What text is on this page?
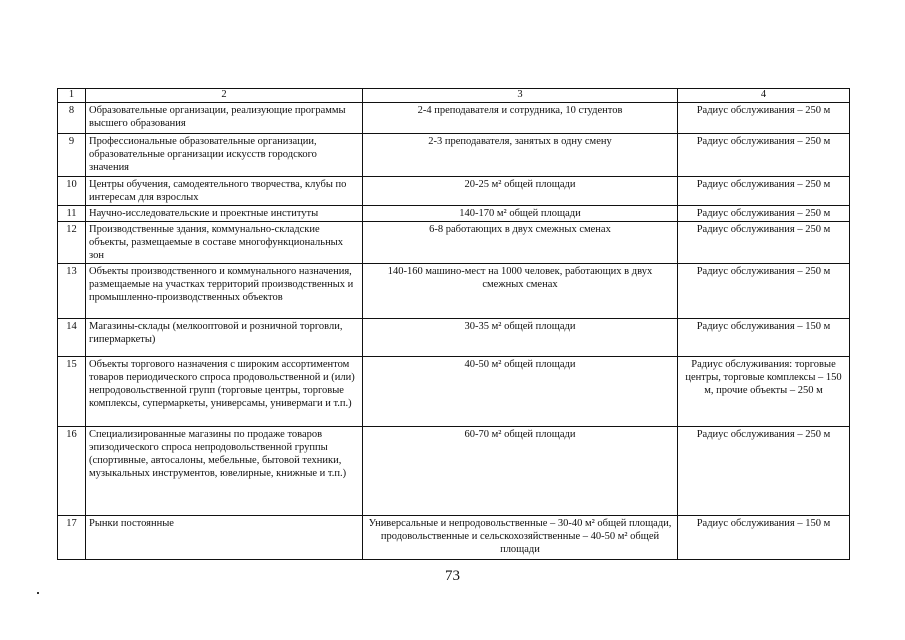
1	2	3	4
8	Образовательные организации, реализующие программы высшего образования	2-4 преподавателя и сотрудника, 10 студентов	Радиус обслуживания – 250 м
9	Профессиональные образовательные организации, образовательные организации искусств городского значения	2-3 преподавателя, занятых в одну смену	Радиус обслуживания – 250 м
10	Центры обучения, самодеятельного творчества, клубы по интересам для взрослых	20-25 м² общей площади	Радиус обслуживания – 250 м
11	Научно-исследовательские и проектные институты	140-170 м² общей площади	Радиус обслуживания – 250 м
12	Производственные здания, коммунально-складские объекты, размещаемые в составе многофункциональных зон	6-8 работающих в двух смежных сменах	Радиус обслуживания – 250 м
13	Объекты производственного и коммунального назначения, размещаемые на участках территорий производственных и промышленно-производственных объектов	140-160 машино-мест на 1000 человек, работающих в двух смежных сменах	Радиус обслуживания – 250 м
14	Магазины-склады (мелкооптовой и розничной торговли, гипермаркеты)	30-35 м² общей площади	Радиус обслуживания – 150 м
15	Объекты торгового назначения с широким ассортиментом товаров периодического спроса продовольственной и (или) непродовольственной групп (торговые центры, торговые комплексы, супермаркеты, универсамы, универмаги и т.п.)	40-50 м² общей площади	Радиус обслуживания: торговые центры, торговые комплексы – 150 м, прочие объекты – 250 м
16	Специализированные магазины по продаже товаров эпизодического спроса непродовольственной группы (спортивные, автосалоны, мебельные, бытовой техники, музыкальных инструментов, ювелирные, книжные и т.п.)	60-70 м² общей площади	Радиус обслуживания – 250 м
17	Рынки постоянные	Универсальные и непродовольственные – 30-40 м² общей площади, продовольственные и сельскохозяйственные – 40-50 м² общей площади	Радиус обслуживания – 150 м
73
